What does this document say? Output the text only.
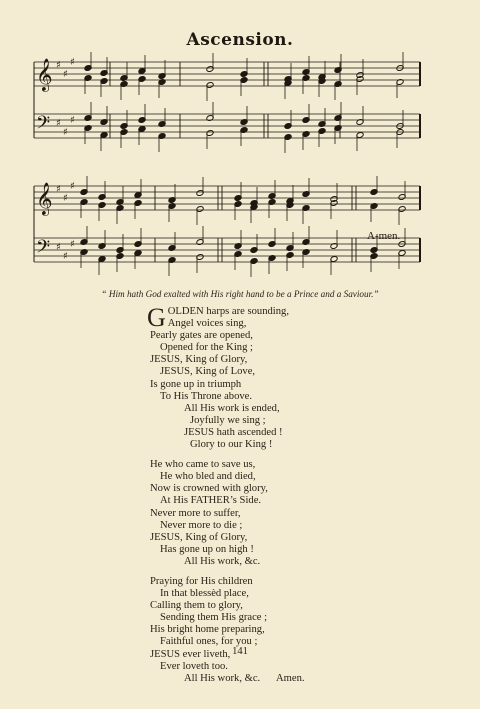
Ascension.
𝄞
𝄢
♯
♯
♯
♯
♯
♯
𝄞
𝄢
♯
♯
♯
♯
♯
♯
A-men.
“ Him hath God exalted with His right hand to be a Prince and a Saviour.”
G OLDEN harps are sounding,
Angel voices sing,
Pearly gates are opened,
Opened for the King ;
JESUS, King of Glory,
JESUS, King of Love,
Is gone up in triumph
To His Throne above.
All His work is ended,
Joyfully we sing ;
JESUS hath ascended !
Glory to our King !
He who came to save us,
He who bled and died,
Now is crowned with glory,
At His FATHER’s Side.
Never more to suffer,
Never more to die ;
JESUS, King of Glory,
Has gone up on high !
All His work, &c.
Praying for His children
In that blessèd place,
Calling them to glory,
Sending them His grace ;
His bright home preparing,
Faithful ones, for you ;
JESUS ever liveth,
Ever loveth too.
All His work, &c. Amen.
141
